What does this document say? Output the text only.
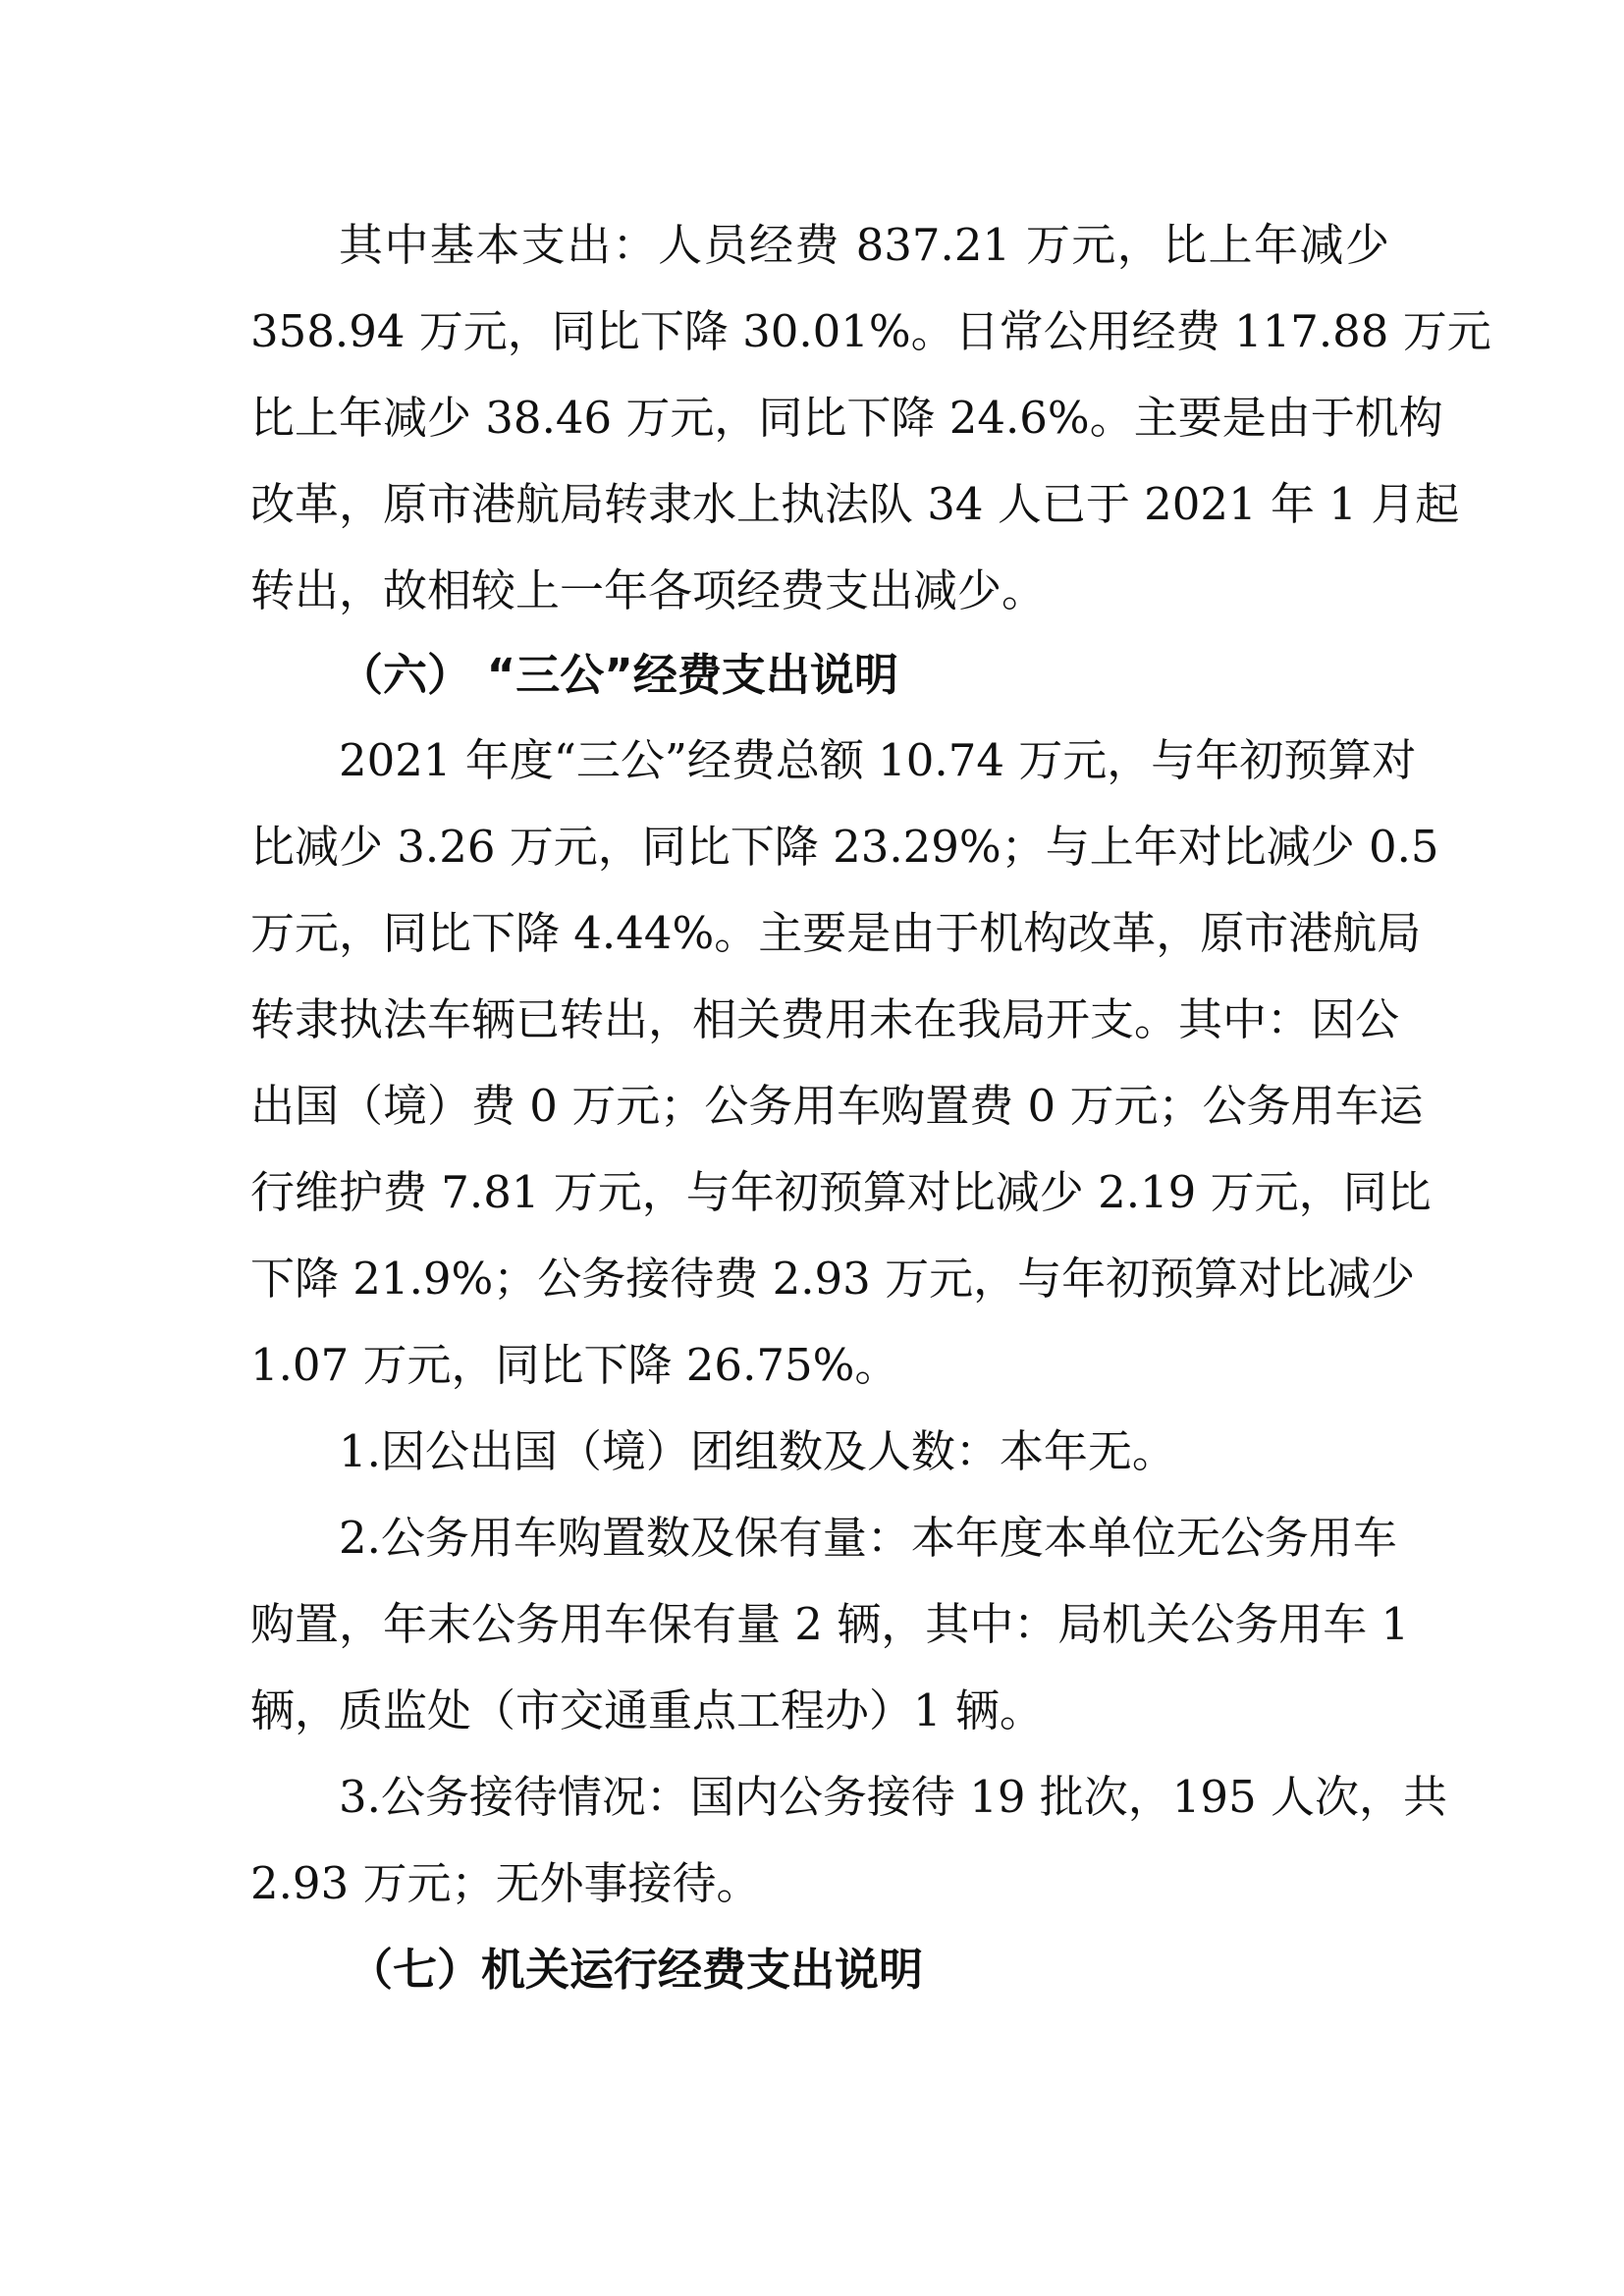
其中基本支出：人员经费 837.21 万元，比上年减少
358.94 万元，同比下降 30.01%。日常公用经费 117.88 万元
比上年减少 38.46 万元，同比下降 24.6%。主要是由于机构
改革，原市港航局转隶水上执法队 34 人已于 2021 年 1 月起
转出，故相较上一年各项经费支出减少。
（六） “三公”经费支出说明
2021 年度“三公”经费总额 10.74 万元，与年初预算对
比减少 3.26 万元，同比下降 23.29%；与上年对比减少 0.5
万元，同比下降 4.44%。主要是由于机构改革，原市港航局
转隶执法车辆已转出，相关费用未在我局开支。其中：因公
出国（境）费 0 万元；公务用车购置费 0 万元；公务用车运
行维护费 7.81 万元，与年初预算对比减少 2.19 万元，同比
下降 21.9%；公务接待费 2.93 万元，与年初预算对比减少
1.07 万元，同比下降 26.75%。
1.因公出国（境）团组数及人数：本年无。
2.公务用车购置数及保有量：本年度本单位无公务用车
购置，年末公务用车保有量 2 辆，其中：局机关公务用车 1
辆，质监处（市交通重点工程办）1 辆。
3.公务接待情况：国内公务接待 19 批次，195 人次，共
2.93 万元；无外事接待。
（七）机关运行经费支出说明
